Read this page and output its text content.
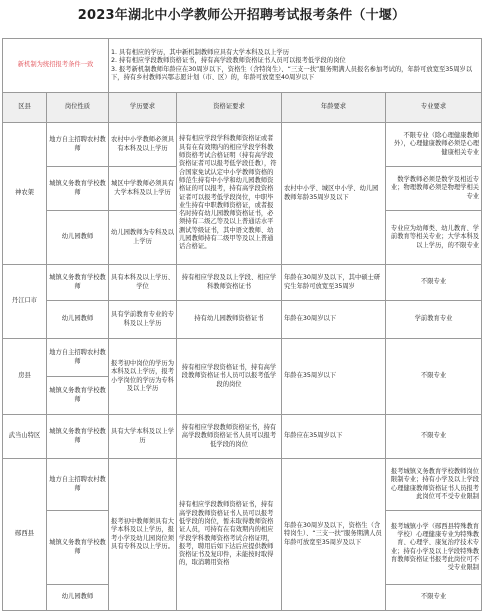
2023年湖北中小学教师公开招聘考试报考条件（十堰）
新机制为统招报考条件一致		1. 具有相应的学历，其中新机制教师应具有大学本科及以上学历
2. 持有相应学段教师资格证书，持有高学段教师资格证书人员可以报考低学段的岗位
3. 报考新机制教师年龄应在30周岁以下，资格生（含特岗生）、“三支一扶”服务期满人员报名参加考试的，年龄可放宽至35周岁以下，持有乡村教师兴鄂志愿计划（市、区）的，年龄可放宽至40周岁以下			

区县	岗位性质	学历要求	资格证要求	年龄要求	专业要求
神农架	地方自主招聘农村教师	农村中小学教师必须具有本科及以上学历	持有相应学段学科教师资格证或者具有在有效期内的相应学段学科教师资格考试合格证明（持有高学段资格证者可以报考低学段任教），符合国家免试认定中小学教师资格的师范生持有中小学和幼儿园教师资格证的可以报考，持有高学段资格证者可以报考低学段岗位，中职毕业生持有中职教师资格证，或者报名时持有幼儿园教师资格证书，必须持有二级乙等及以上普通话水平测试等级证书，其中语文教师、幼儿园教师持有二级甲等及以上普通话合格证。	农村中小学、城区中小学、幼儿园教师年龄35周岁及以下	不限专业（除心理健康教师外），心理健康教师必须是心理健康相关专业
	城镇义务教育学校教师	城区中学教师必须具有大学本科及以上学历			数学教师必须是数学及相近专业；物理教师必须是物理学相关专业
	幼儿园教师	幼儿园教师为专科及以上学历			专业应为幼师类、幼儿教育、学前教育等相关专业；大学本科及以上学历，的不限专业
丹江口市	城镇义务教育学校教师	具有本科及以上学历、学位	持有相应学段及以上学段、相应学科教师资格证书	年龄在30周岁及以下，其中硕士研究生年龄可放宽至35周岁	不限专业
	幼儿园教师	具有学前教育专业的专科及以上学历	持有幼儿园教师资格证书	年龄在30周岁以下	学前教育专业
房县	地方自主招聘农村教师	报考初中岗位的学历为本科及以上学历，报考小学岗位的学历为专科及以上学历	持有相应学段资格证书，持有高学段教师资格证书人员可以报考低学段的岗位	年龄在35周岁以下	不限专业
	城镇义务教育学校教师				
武当山特区	城镇义务教育学校教师	具有大学本科及以上学历	持有相应学段教师资格证书，持有高学段教师资格证书人员可以报考低学段的岗位	年龄应在35周岁以下	不限专业
郧西县	地方自主招聘农村教师	报考初中教师须具有大学本科及以上学历，报考小学及幼儿园岗位须具有专科及以上学历。	持有相应学段教师资格证书，持有高学段教师资格证书人员可以报考低学段的岗位，暂未取得教师资格证人员，可持有在有效期内的相应学段学科教师资格考试合格证明，报考，聘用后如下达后应提供教师资格证书及复印件，未能按时取得的，取消聘用资格	年龄在30周岁及以下，资格生（含特岗生）、“三支一扶”服务期满人员年龄可放宽至35周岁及以下	报考城镇义务教育学校教师岗位限制专业；持有小学及以上学段心理健康教师资格证书人员报考此岗位可不受专业限制
	城镇义务教育学校教师				报考城镇小学（郧西县特殊教育学校）心理健康专业为特殊教育、心理学、康复治疗技术专业；持有小学及以上学段特殊教育教师资格证书报考此岗位可不受专业限制
	幼儿园教师				不限专业
